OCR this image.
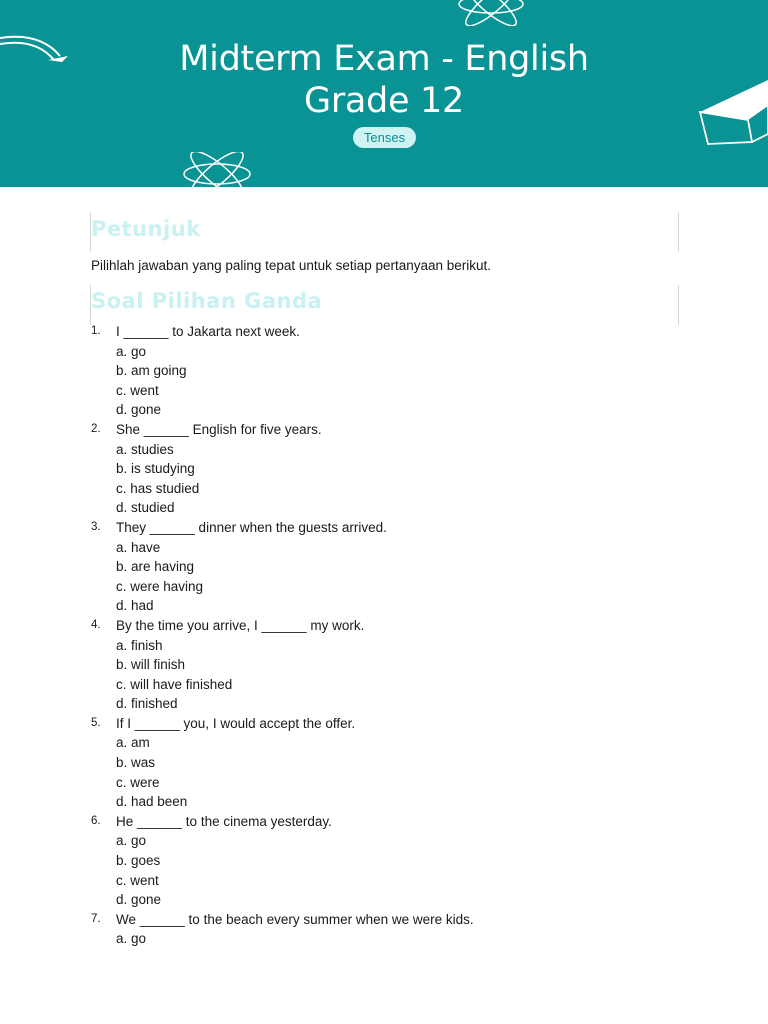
Midterm Exam - English
Grade 12
Tenses
Petunjuk

Pilihlah jawaban yang paling tepat untuk setiap pertanyaan berikut.

Soal Pilihan Ganda
1.	I ______ to Jakarta next week.
a. go
b. am going
c. went
d. gone
2.	She ______ English for five years.
a. studies
b. is studying
c. has studied
d. studied
3.	They ______ dinner when the guests arrived.
a. have
b. are having
c. were having
d. had
4.	By the time you arrive, I ______ my work.
a. finish
b. will finish
c. will have finished
d. finished
5.	If I ______ you, I would accept the offer.
a. am
b. was
c. were
d. had been
6.	He ______ to the cinema yesterday.
a. go
b. goes
c. went
d. gone
7.	We ______ to the beach every summer when we were kids.
a. go
